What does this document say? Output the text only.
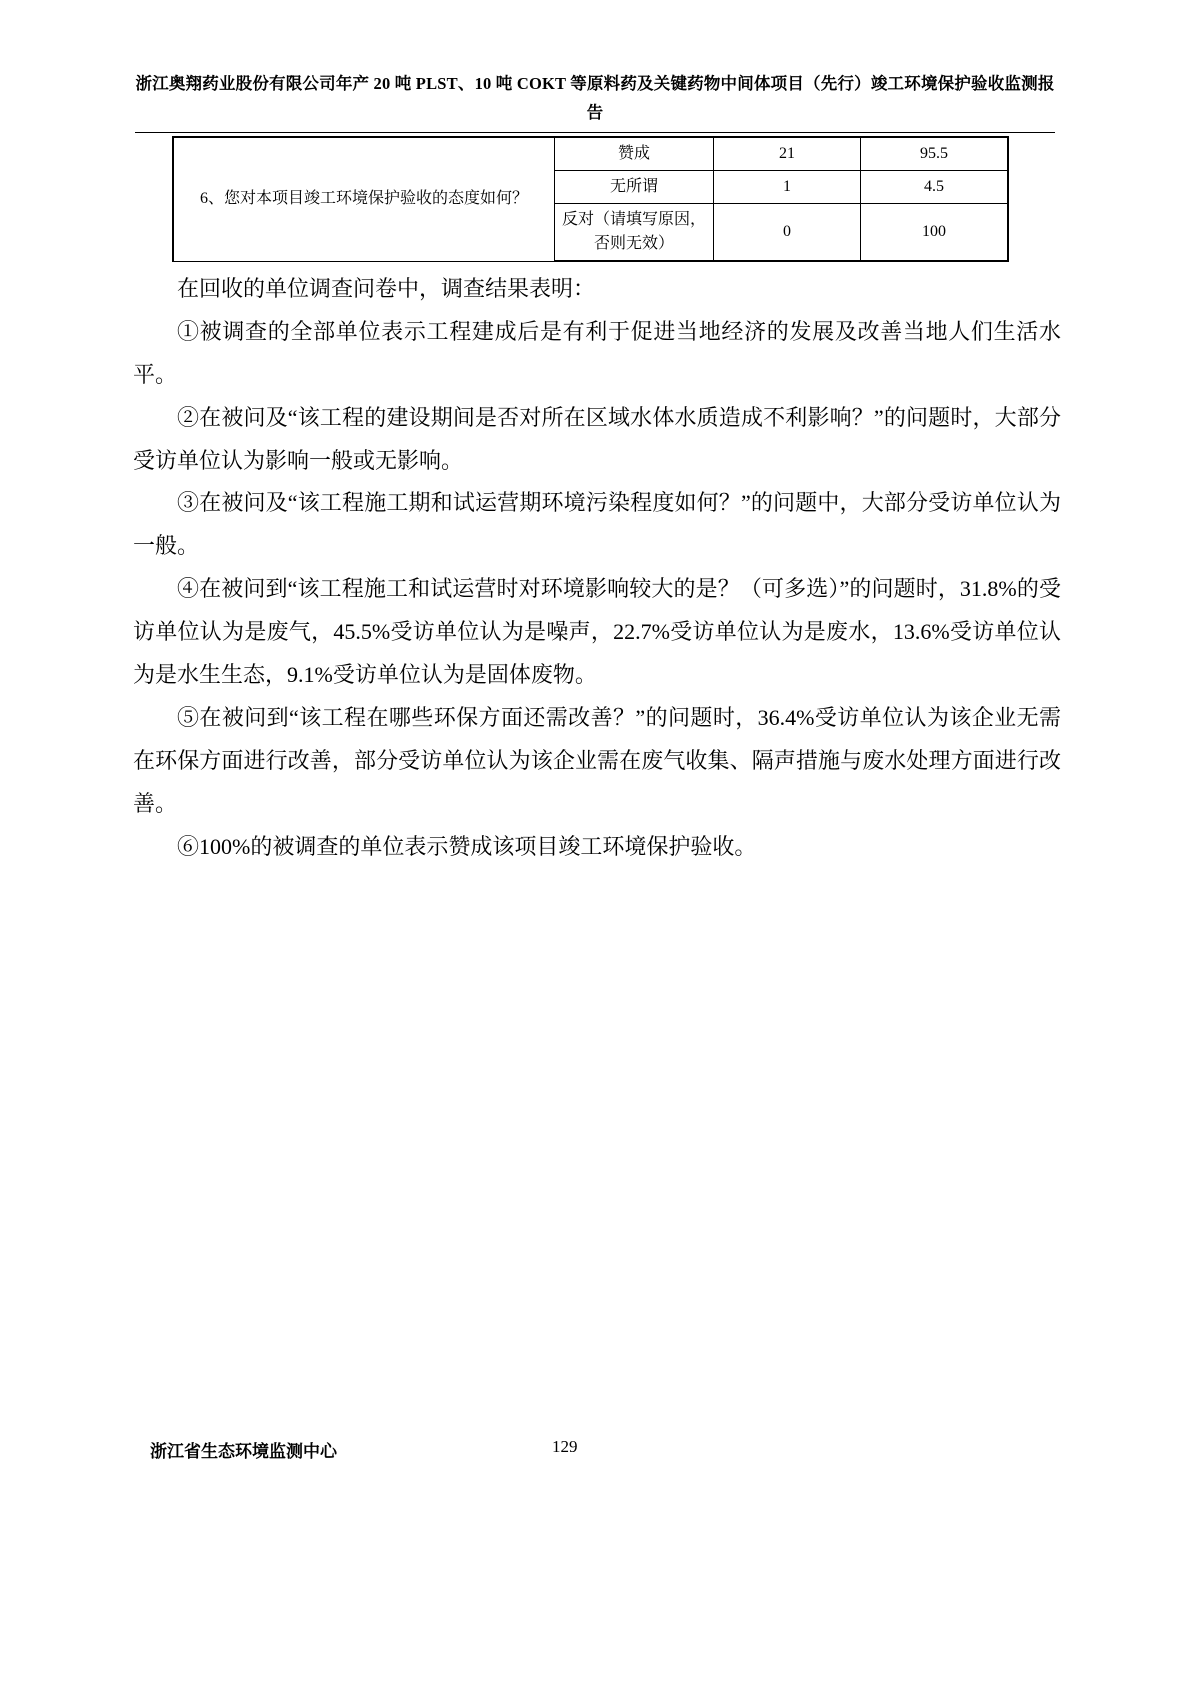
浙江奥翔药业股份有限公司年产 20 吨 PLST、10 吨 COKT 等原料药及关键药物中间体项目（先行）竣工环境保护验收监测报告
6、您对本项目竣工环境保护验收的态度如何？	赞成	21	95.5
	无所谓	1	4.5
	反对（请填写原因，否则无效）	0	100

在回收的单位调查问卷中，调查结果表明：

①被调查的全部单位表示工程建成后是有利于促进当地经济的发展及改善当地人们生活水平。

②在被问及“该工程的建设期间是否对所在区域水体水质造成不利影响？”的问题时，大部分受访单位认为影响一般或无影响。

③在被问及“该工程施工期和试运营期环境污染程度如何？”的问题中，大部分受访单位认为一般。

④在被问到“该工程施工和试运营时对环境影响较大的是？（可多选）”的问题时，31.8%的受访单位认为是废气，45.5%受访单位认为是噪声，22.7%受访单位认为是废水，13.6%受访单位认为是水生生态，9.1%受访单位认为是固体废物。

⑤在被问到“该工程在哪些环保方面还需改善？”的问题时，36.4%受访单位认为该企业无需在环保方面进行改善，部分受访单位认为该企业需在废气收集、隔声措施与废水处理方面进行改善。

⑥100%的被调查的单位表示赞成该项目竣工环境保护验收。

浙江省生态环境监测中心	129
